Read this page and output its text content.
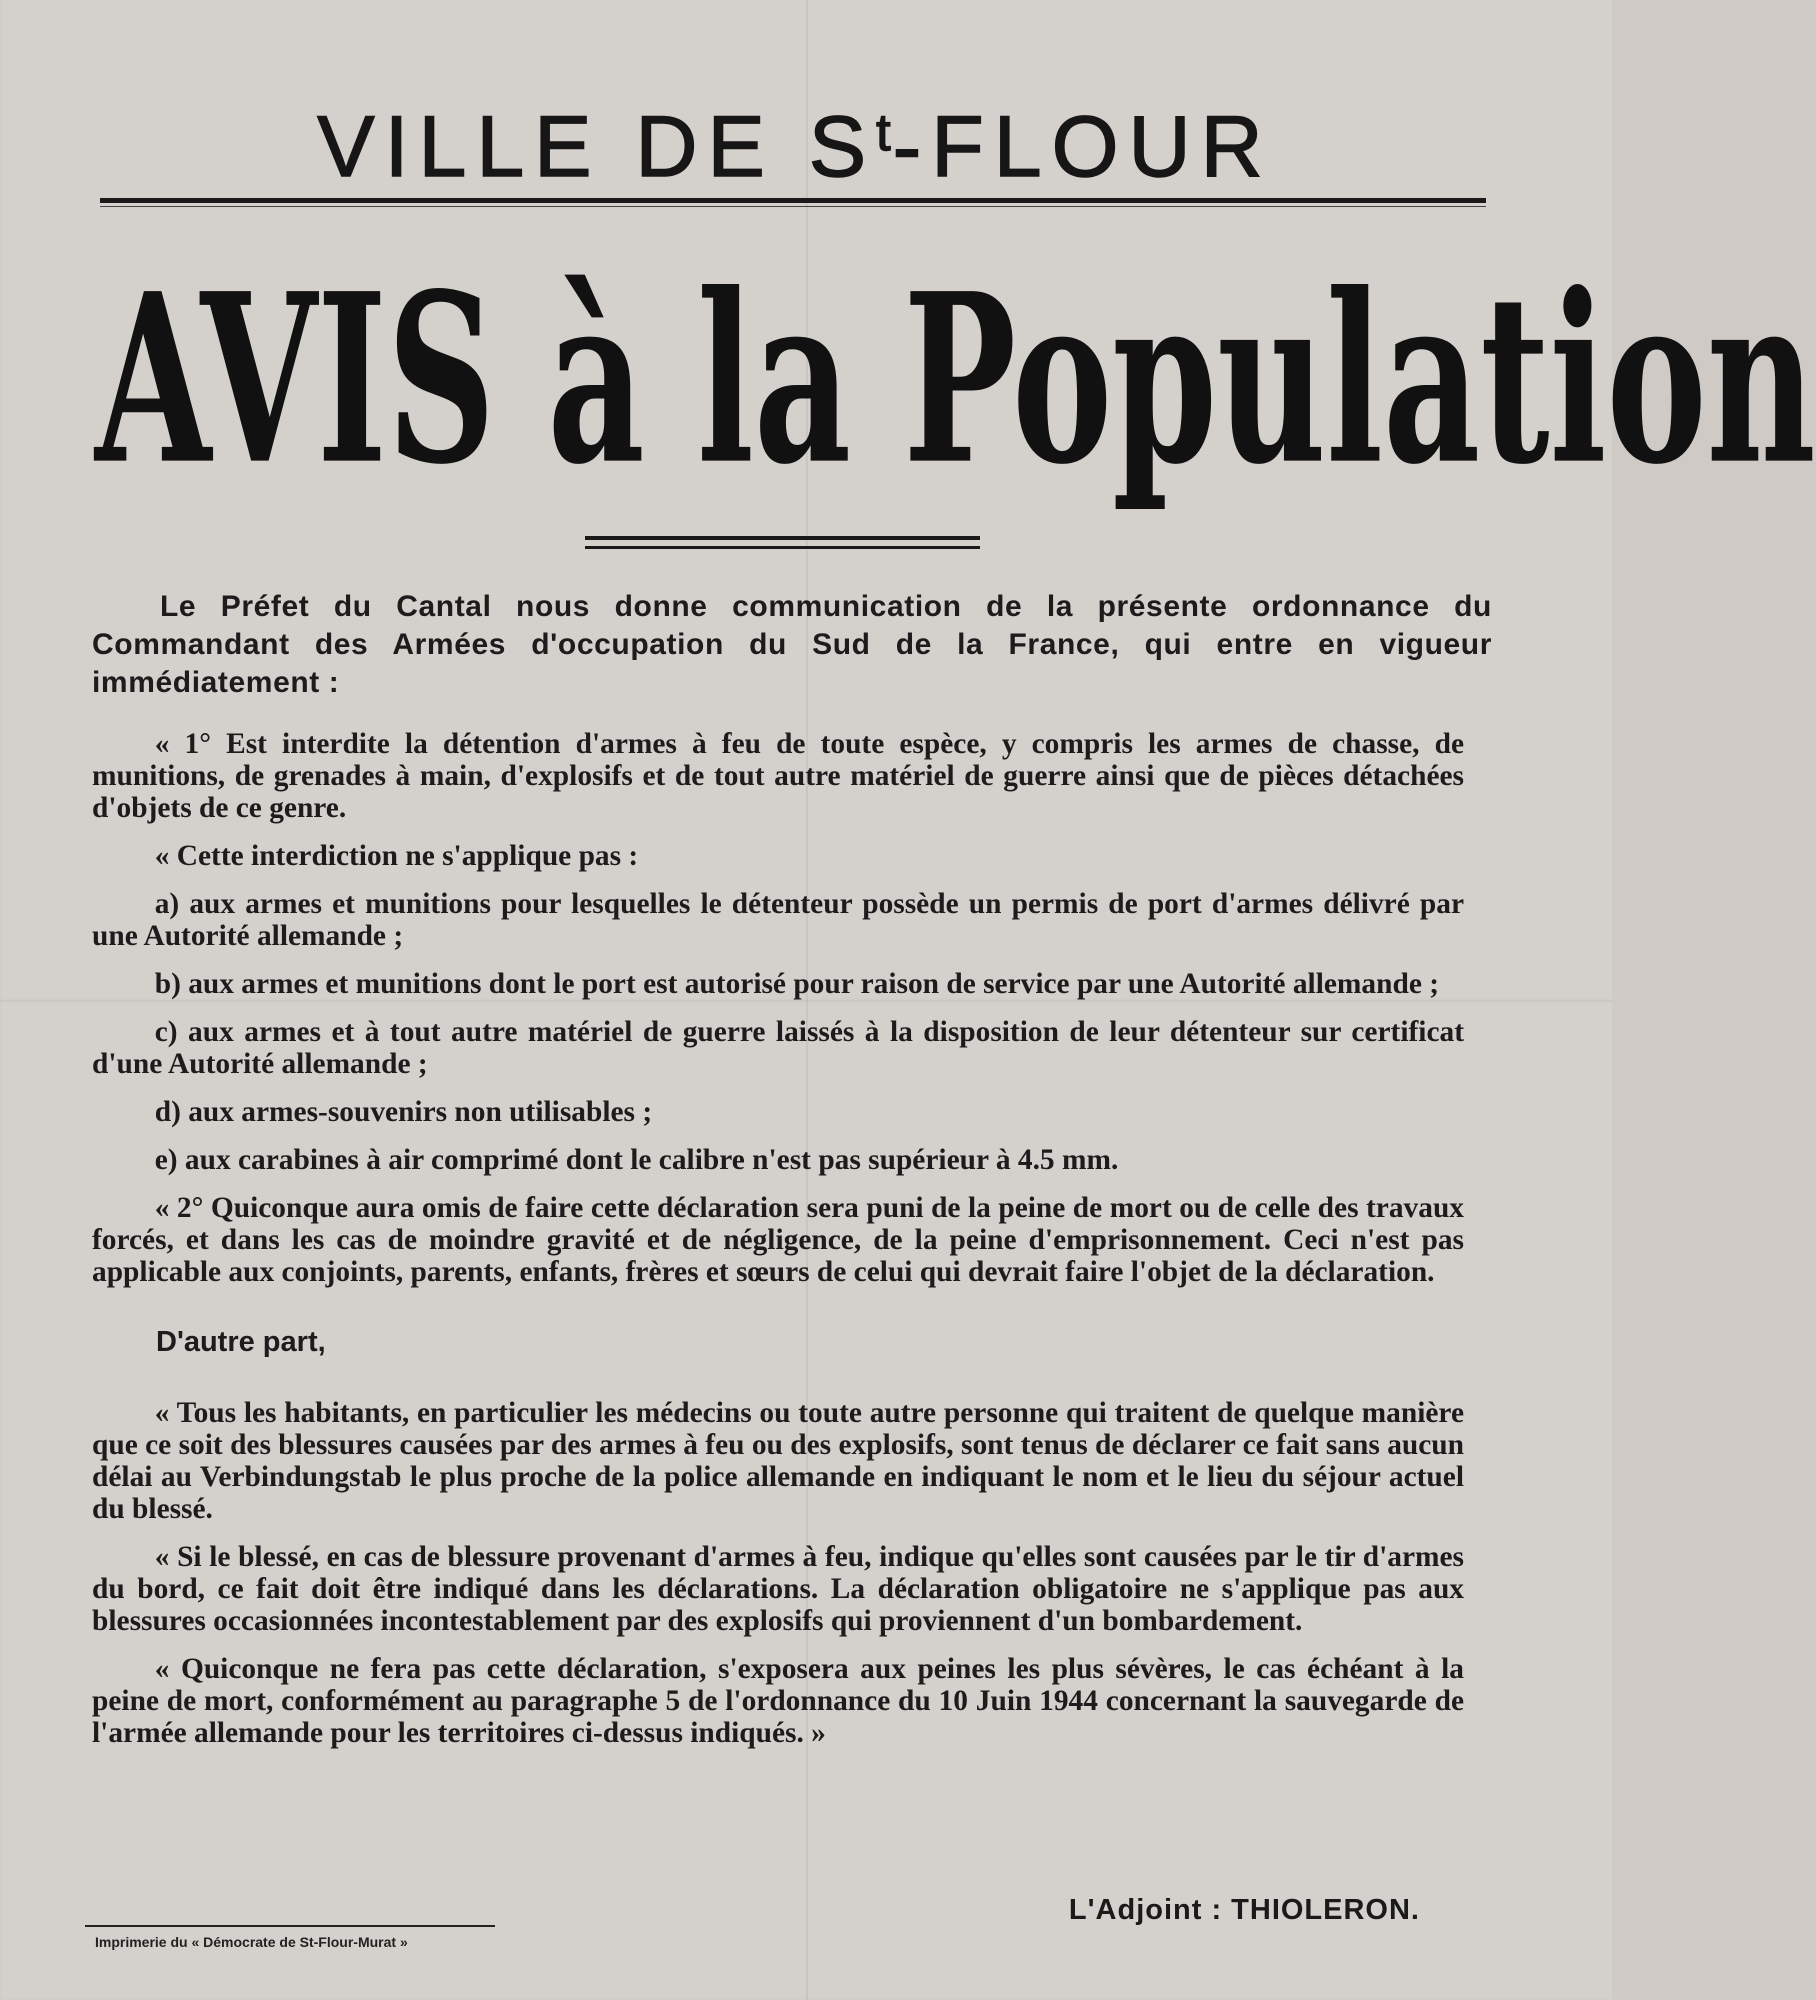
VILLE DE $S^t$-FLOUR
AVIS à la Population

Le Préfet du Cantal nous donne communication de la présente ordonnance du Commandant des Armées d'occupation du Sud de la France, qui entre en vigueur immédiatement :

« 1° Est interdite la détention d'armes à feu de toute espèce, y compris les armes de chasse, de munitions, de grenades à main, d'explosifs et de tout autre matériel de guerre ainsi que de pièces détachées d'objets de ce genre.

« Cette interdiction ne s'applique pas :

a) aux armes et munitions pour lesquelles le détenteur possède un permis de port d'armes délivré par une Autorité allemande ;

b) aux armes et munitions dont le port est autorisé pour raison de service par une Autorité allemande ;

c) aux armes et à tout autre matériel de guerre laissés à la disposition de leur détenteur sur certificat d'une Autorité allemande ;

d) aux armes-souvenirs non utilisables ;

e) aux carabines à air comprimé dont le calibre n'est pas supérieur à 4.5 mm.

« 2° Quiconque aura omis de faire cette déclaration sera puni de la peine de mort ou de celle des travaux forcés, et dans les cas de moindre gravité et de négligence, de la peine d'emprisonnement. Ceci n'est pas applicable aux conjoints, parents, enfants, frères et sœurs de celui qui devrait faire l'objet de la déclaration.

D'autre part,

« Tous les habitants, en particulier les médecins ou toute autre personne qui traitent de quelque manière que ce soit des blessures causées par des armes à feu ou des explosifs, sont tenus de déclarer ce fait sans aucun délai au Verbindungstab le plus proche de la police allemande en indiquant le nom et le lieu du séjour actuel du blessé.

« Si le blessé, en cas de blessure provenant d'armes à feu, indique qu'elles sont causées par le tir d'armes du bord, ce fait doit être indiqué dans les déclarations. La déclaration obligatoire ne s'applique pas aux blessures occasionnées incontestablement par des explosifs qui proviennent d'un bombardement.

« Quiconque ne fera pas cette déclaration, s'exposera aux peines les plus sévères, le cas échéant à la peine de mort, conformément au paragraphe 5 de l'ordonnance du 10 Juin 1944 concernant la sauvegarde de l'armée allemande pour les territoires ci-dessus indiqués. »

Imprimerie du « Démocrate de St-Flour-Murat »
L'Adjoint : THIOLERON.
